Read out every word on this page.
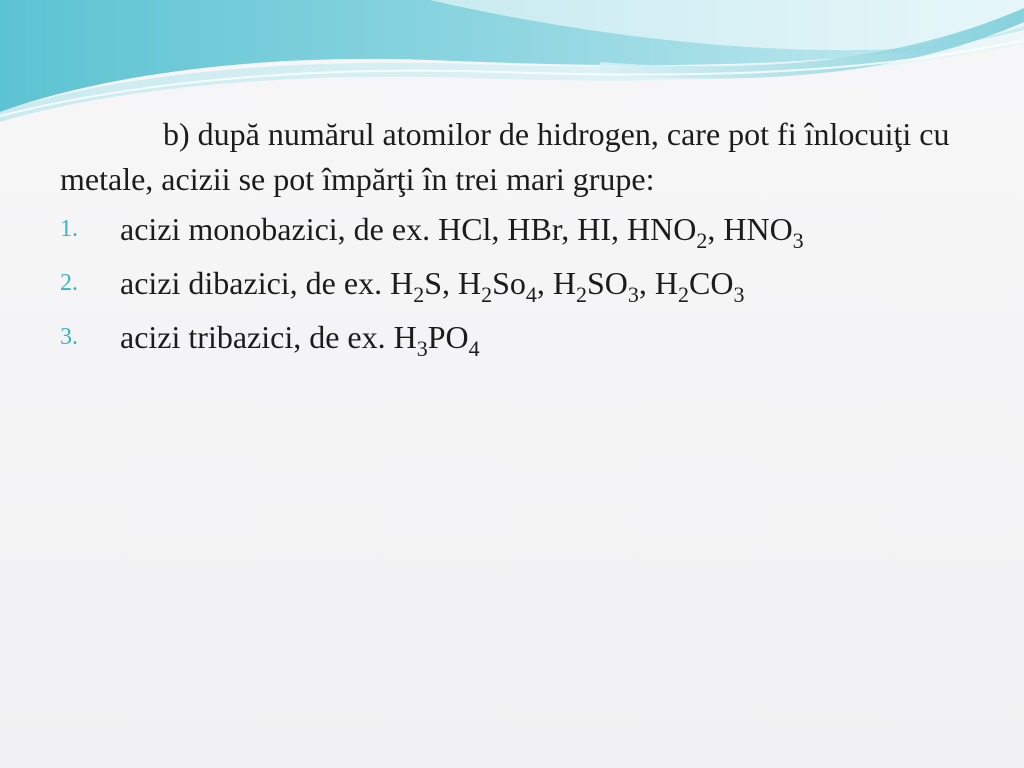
b) după numărul atomilor de hidrogen, care pot fi înlocuiţi cu metale, acizii se pot împărţi în trei mari grupe:

1. acizi monobazici, de ex. HCl, HBr, HI, $HNO_2$, $HNO_3$
2. acizi dibazici, de ex. $H_2S$, $H_2So_4$, $H_2SO_3$, $H_2CO_3$
3. acizi tribazici, de ex. $H_3PO_4$
